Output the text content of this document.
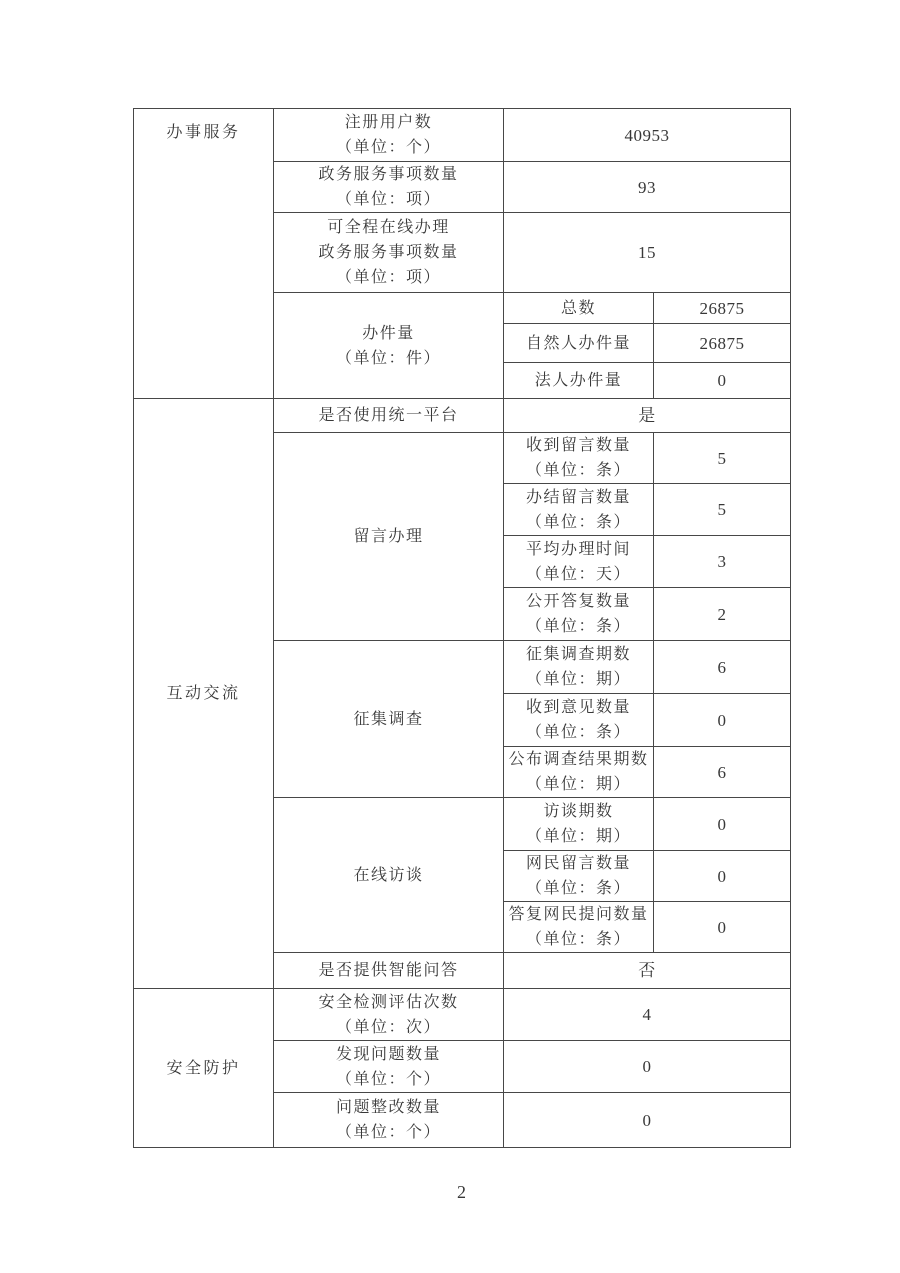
办事服务	注册用户数
（单位：个）	40953	

	政务服务事项数量
（单位：项）	93	

	可全程在线办理
政务服务事项数量
（单位：项）	15	

	办件量
（单位：件）	总数	26875
		自然人办件量	26875
		法人办件量	0
互动交流	是否使用统一平台	是	
	留言办理	收到留言数量
（单位：条）	5

		办结留言数量
（单位：条）	5

		平均办理时间
（单位：天）	3

		公开答复数量
（单位：条）	2
	征集调查	征集调查期数
（单位：期）	6

		收到意见数量
（单位：条）	0

		公布调查结果期数
（单位：期）	6
	在线访谈	访谈期数
（单位：期）	0

		网民留言数量
（单位：条）	0

		答复网民提问数量
（单位：条）	0
	是否提供智能问答	否	
安全防护	安全检测评估次数
（单位：次）	4	

	发现问题数量
（单位：个）	0	

	问题整改数量
（单位：个）	0	
2
